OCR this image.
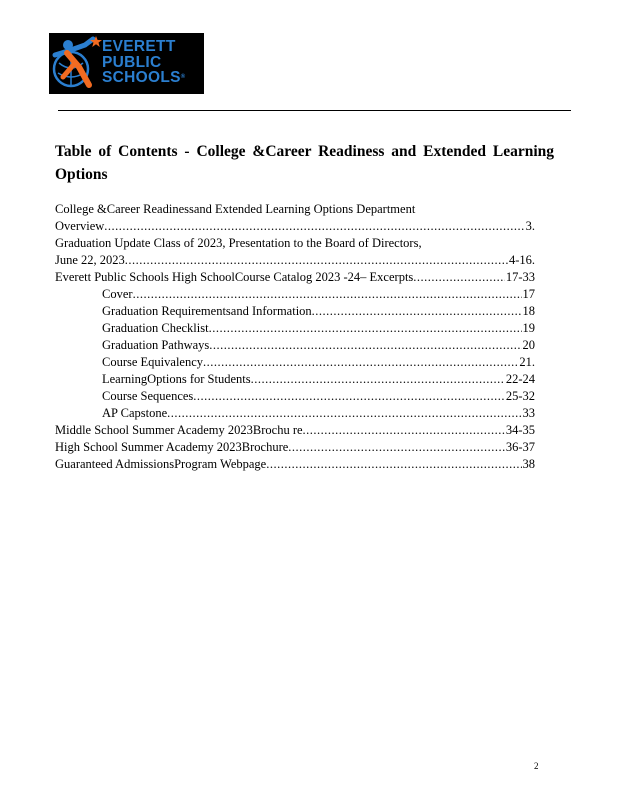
EVERETT
PUBLIC
SCHOOLS®
Table of Contents - College &Career Readiness and Extended Learning Options
College &Career Readinessand Extended Learning Options Department
Overview .....	3.
Graduation Update Class of 2023, Presentation to the Board of Directors,
June 22, 2023 .....	4-16.
Everett Public Schools High SchoolCourse Catalog 2023 -24– Excerpts .....	17-33
Cover .....	17
Graduation Requirementsand Information .....	18
Graduation Checklist .....	19
Graduation Pathways .....	20
Course Equivalency .....	21.
LearningOptions for Students .....	22-24
Course Sequences .....	25-32
AP Capstone .....	33
Middle School Summer Academy 2023Brochu re .....	34-35
High School Summer Academy 2023Brochure .....	36-37
Guaranteed AdmissionsProgram Webpage .....	38
2
